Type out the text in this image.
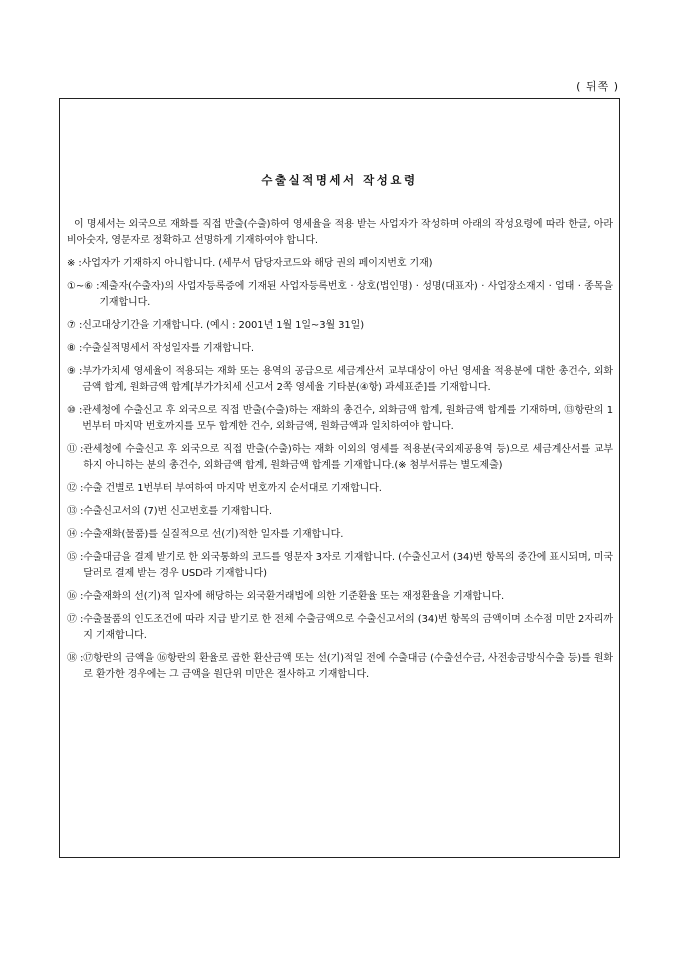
( 뒤쪽 )
수출실적명세서 작성요령

이 명세서는 외국으로 재화를 직접 반출(수출)하여 영세율을 적용 받는 사업자가 작성하며 아래의 작성요령에 따라 한글, 아라비아숫자, 영문자로 정확하고 선명하게 기재하여야 합니다.

※ : 사업자가 기재하지 아니합니다. (세무서 담당자코드와 해당 권의 페이지번호 기재)
①~⑥ : 제출자(수출자)의 사업자등록증에 기재된 사업자등록번호 · 상호(법인명) · 성명(대표자) · 사업장소재지 · 업태 · 종목을 기재합니다.
⑦ : 신고대상기간을 기재합니다. (예시 : 2001년 1월 1일~3월 31일)
⑧ : 수출실적명세서 작성일자를 기재합니다.
⑨ : 부가가치세 영세율이 적용되는 재화 또는 용역의 공급으로 세금계산서 교부대상이 아닌 영세율 적용분에 대한 총건수, 외화금액 합계, 원화금액 합계[부가가치세 신고서 2쪽 영세율 기타분(④항) 과세표준]를 기재합니다.
⑩ : 관세청에 수출신고 후 외국으로 직접 반출(수출)하는 재화의 총건수, 외화금액 합계, 원화금액 합계를 기재하며, ⑬항란의 1번부터 마지막 번호까지를 모두 합계한 건수, 외화금액, 원화금액과 일치하여야 합니다.
⑪ : 관세청에 수출신고 후 외국으로 직접 반출(수출)하는 재화 이외의 영세를 적용분(국외제공용역 등)으로 세금계산서를 교부하지 아니하는 분의 총건수, 외화금액 합계, 원화금액 합계를 기재합니다.(※ 첨부서류는 별도제출)
⑫ : 수출 건별로 1번부터 부여하여 마지막 번호까지 순서대로 기재합니다.
⑬ : 수출신고서의 (7)번 신고번호를 기재합니다.
⑭ : 수출재화(물품)를 실질적으로 선(기)적한 일자를 기재합니다.
⑮ : 수출대금을 결제 받기로 한 외국통화의 코드를 영문자 3자로 기재합니다. (수출신고서 (34)번 항목의 중간에 표시되며, 미국달러로 결제 받는 경우 USD라 기재합니다)
⑯ : 수출재화의 선(기)적 일자에 해당하는 외국환거래법에 의한 기준환율 또는 재정환율을 기재합니다.
⑰ : 수출물품의 인도조건에 따라 지급 받기로 한 전체 수출금액으로 수출신고서의 (34)번 항목의 금액이며 소수점 미만 2자리까지 기재합니다.
⑱ : ⑰항란의 금액을 ⑯항란의 환율로 곱한 환산금액 또는 선(기)적일 전에 수출대금 (수출선수금, 사전송금방식수출 등)를 원화로 환가한 경우에는 그 금액을 원단위 미만은 절사하고 기재합니다.
